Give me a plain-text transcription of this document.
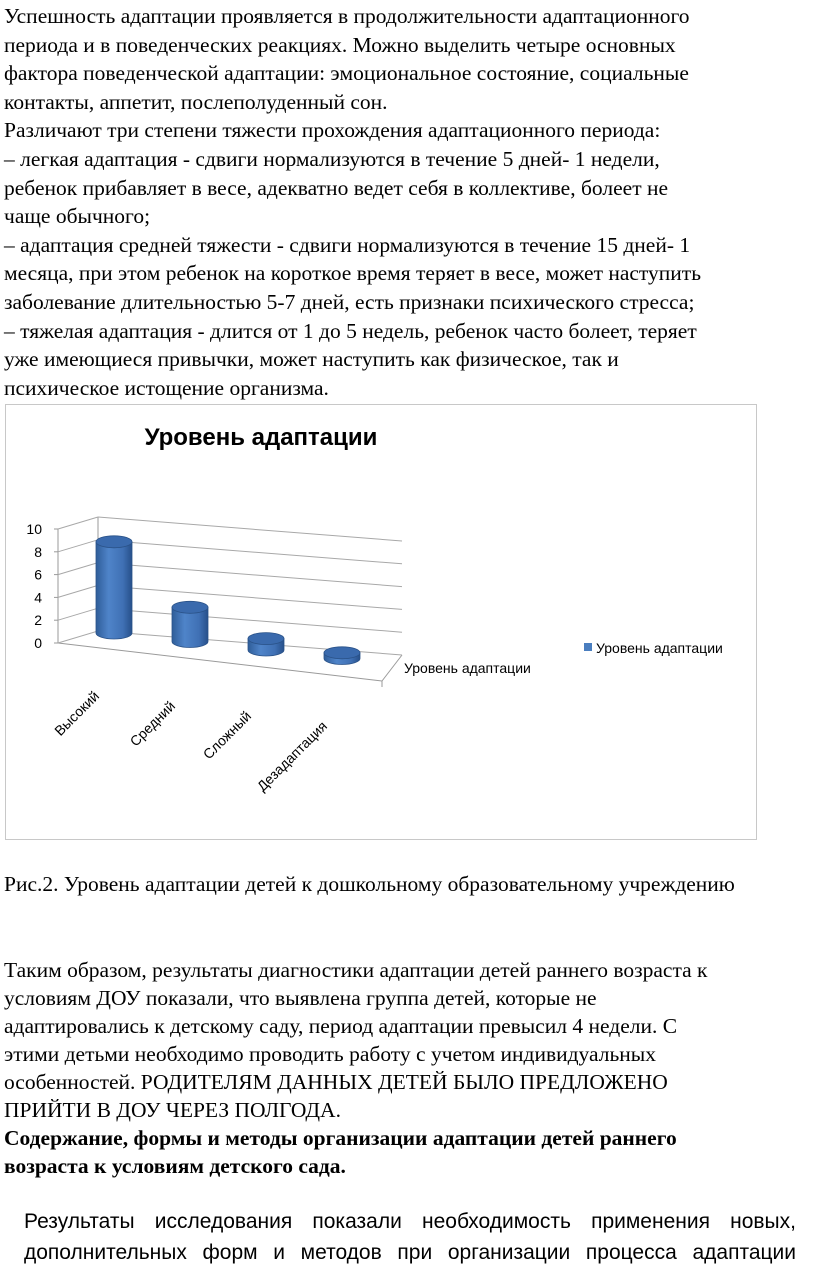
Успешность адаптации проявляется в продолжительности адаптационного

периода и в поведенческих реакциях. Можно выделить четыре основных

фактора поведенческой адаптации: эмоциональное состояние, социальные

контакты, аппетит, послеполуденный сон.

Различают три степени тяжести прохождения адаптационного периода:

– легкая адаптация - сдвиги нормализуются в течение 5 дней- 1 недели,

ребенок прибавляет в весе, адекватно ведет себя в коллективе, болеет не

чаще обычного;

– адаптация средней тяжести - сдвиги нормализуются в течение 15 дней- 1

месяца, при этом ребенок на короткое время теряет в весе, может наступить

заболевание длительностью 5-7 дней, есть признаки психического стресса;

– тяжелая адаптация - длится от 1 до 5 недель, ребенок часто болеет, теряет

уже имеющиеся привычки, может наступить как физическое, так и

психическое истощение организма.

Уровень адаптации
0
2
4
6
8
10
Высокий Средний Сложный Дезадаптация
Уровень адаптации
Уровень адаптации
Рис.2. Уровень адаптации детей к дошкольному образовательному учреждению
Таким образом, результаты диагностики адаптации детей раннего возраста к
условиям ДОУ показали, что выявлена группа детей, которые не
адаптировались к детскому саду, период адаптации превысил 4 недели. С
этими детьми необходимо проводить работу с учетом индивидуальных
особенностей. РОДИТЕЛЯМ ДАННЫХ ДЕТЕЙ БЫЛО ПРЕДЛОЖЕНО
ПРИЙТИ В ДОУ ЧЕРЕЗ ПОЛГОДА.
Содержание, формы и методы организации адаптации детей раннего
возраста к условиям детского сада.
Результаты исследования показали необходимость применения новых,
дополнительных форм и методов при организации процесса адаптации
